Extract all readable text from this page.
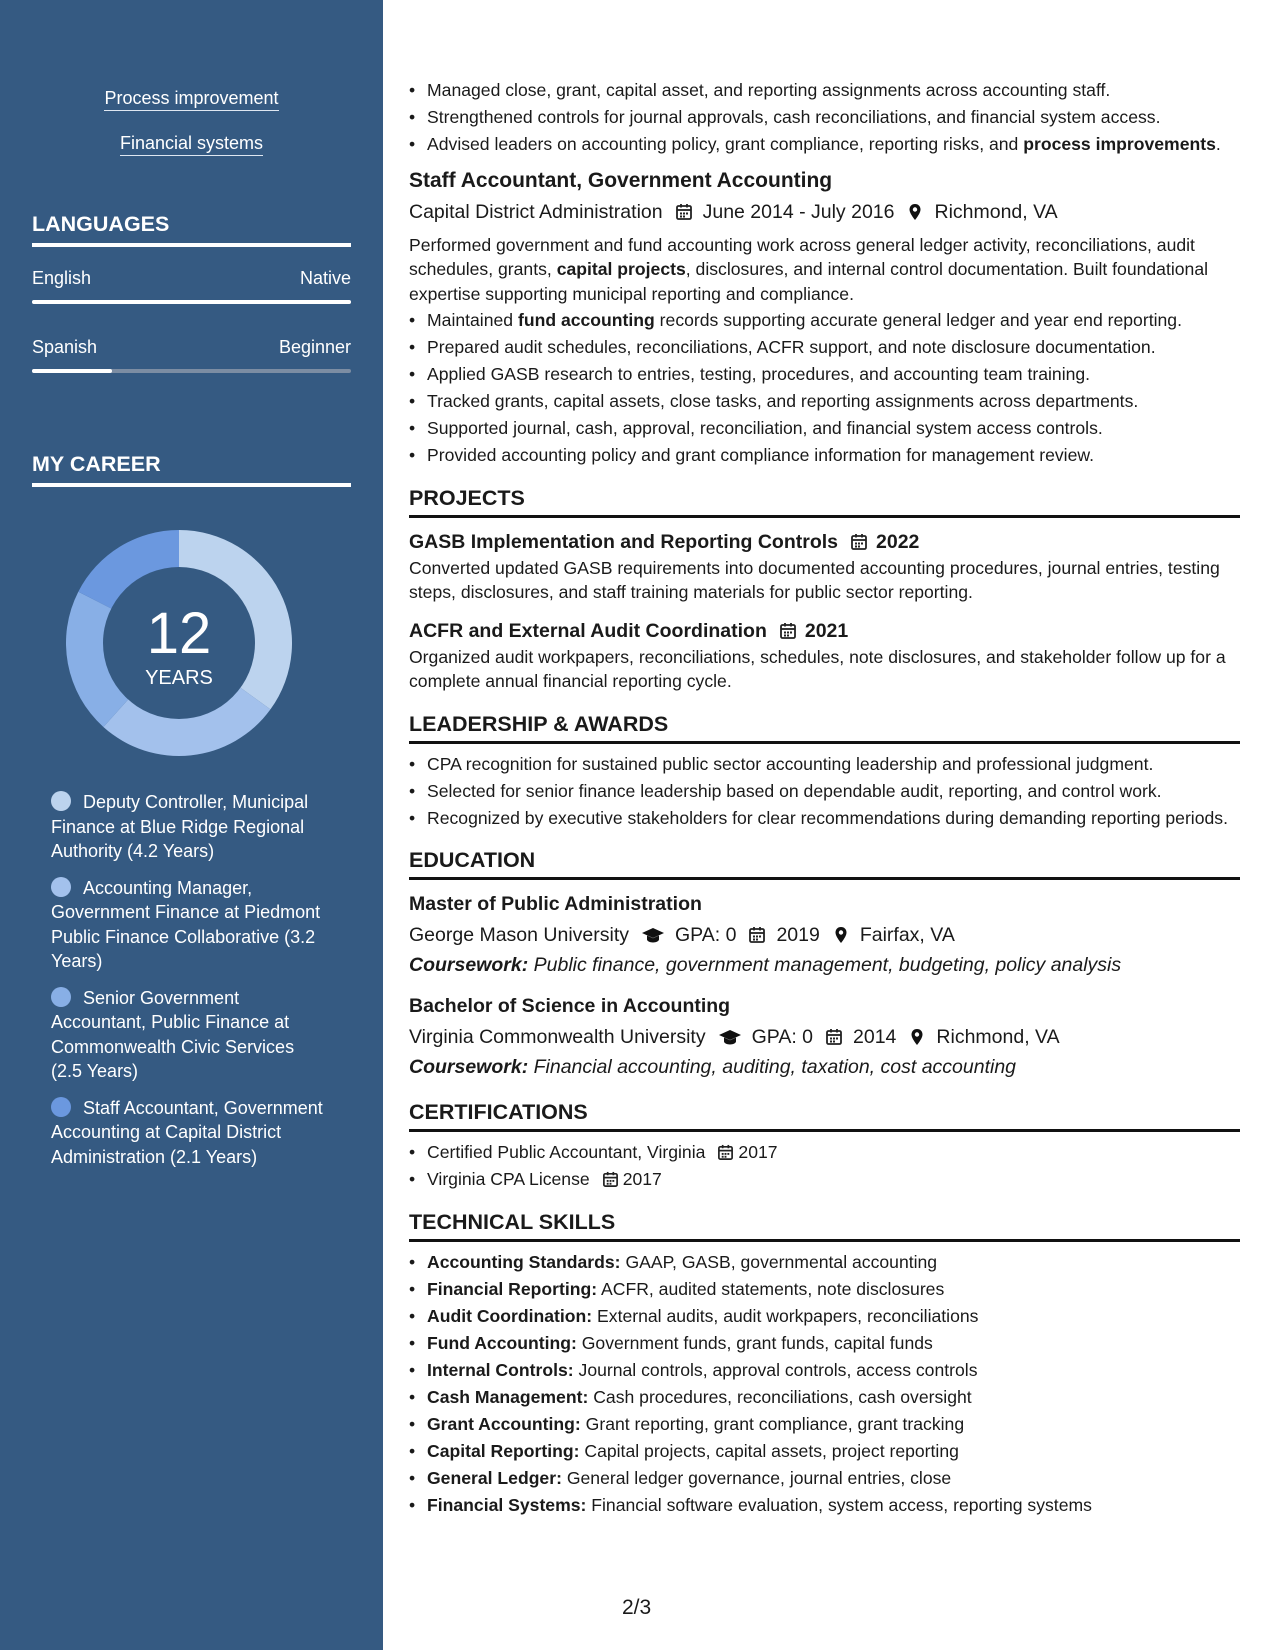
Process improvement
Financial systems
LANGUAGES
English	Native
Spanish	Beginner
MY CAREER
12
YEARS
Deputy Controller, Municipal Finance at Blue Ridge Regional Authority (4.2 Years)
Accounting Manager, Government Finance at Piedmont Public Finance Collaborative (3.2 Years)
Senior Government Accountant, Public Finance at Commonwealth Civic Services (2.5 Years)
Staff Accountant, Government Accounting at Capital District Administration (2.1 Years)
• Managed close, grant, capital asset, and reporting assignments across accounting staff.
• Strengthened controls for journal approvals, cash reconciliations, and financial system access.
• Advised leaders on accounting policy, grant compliance, reporting risks, and process improvements.
Staff Accountant, Government Accounting
Capital District Administration June 2014 - July 2016 Richmond, VA
Performed government and fund accounting work across general ledger activity, reconciliations, audit schedules, grants, capital projects, disclosures, and internal control documentation. Built foundational expertise supporting municipal reporting and compliance.
• Maintained fund accounting records supporting accurate general ledger and year end reporting.
• Prepared audit schedules, reconciliations, ACFR support, and note disclosure documentation.
• Applied GASB research to entries, testing, procedures, and accounting team training.
• Tracked grants, capital assets, close tasks, and reporting assignments across departments.
• Supported journal, cash, approval, reconciliation, and financial system access controls.
• Provided accounting policy and grant compliance information for management review.
PROJECTS
GASB Implementation and Reporting Controls 2022
Converted updated GASB requirements into documented accounting procedures, journal entries, testing steps, disclosures, and staff training materials for public sector reporting.
ACFR and External Audit Coordination 2021
Organized audit workpapers, reconciliations, schedules, note disclosures, and stakeholder follow up for a complete annual financial reporting cycle.
LEADERSHIP & AWARDS
• CPA recognition for sustained public sector accounting leadership and professional judgment.
• Selected for senior finance leadership based on dependable audit, reporting, and control work.
• Recognized by executive stakeholders for clear recommendations during demanding reporting periods.
EDUCATION
Master of Public Administration
George Mason University GPA: 0 2019 Fairfax, VA
Coursework: Public finance, government management, budgeting, policy analysis
Bachelor of Science in Accounting
Virginia Commonwealth University GPA: 0 2014 Richmond, VA
Coursework: Financial accounting, auditing, taxation, cost accounting
CERTIFICATIONS
• Certified Public Accountant, Virginia 2017
• Virginia CPA License 2017
TECHNICAL SKILLS
• Accounting Standards: GAAP, GASB, governmental accounting
• Financial Reporting: ACFR, audited statements, note disclosures
• Audit Coordination: External audits, audit workpapers, reconciliations
• Fund Accounting: Government funds, grant funds, capital funds
• Internal Controls: Journal controls, approval controls, access controls
• Cash Management: Cash procedures, reconciliations, cash oversight
• Grant Accounting: Grant reporting, grant compliance, grant tracking
• Capital Reporting: Capital projects, capital assets, project reporting
• General Ledger: General ledger governance, journal entries, close
• Financial Systems: Financial software evaluation, system access, reporting systems
2/3
